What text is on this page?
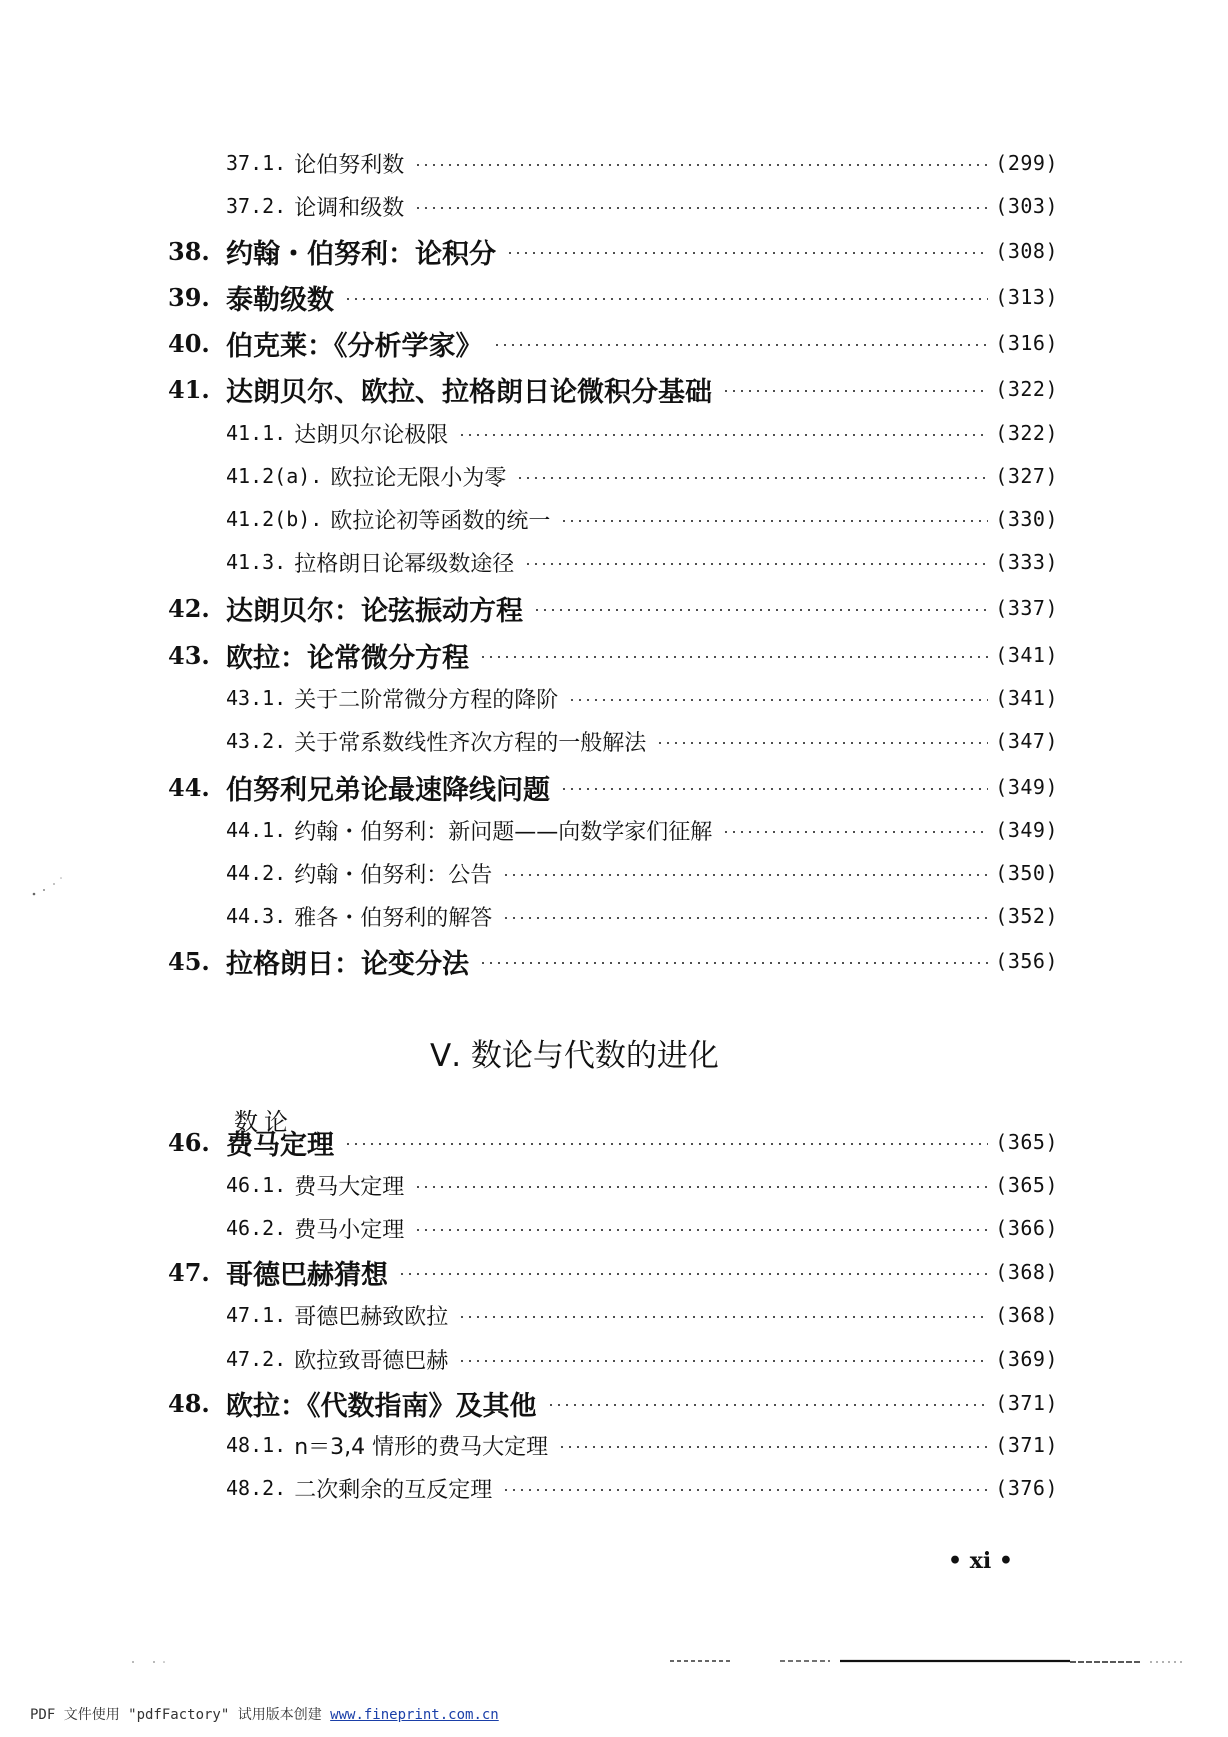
37.1. 论伯努利数	(299)
37.2. 论调和级数	(303)
38. 约翰・伯努利：论积分	(308)
39. 泰勒级数	(313)
40. 伯克莱：《分析学家》	(316)
41. 达朗贝尔、欧拉、拉格朗日论微积分基础	(322)
41.1. 达朗贝尔论极限	(322)
41.2(a). 欧拉论无限小为零	(327)
41.2(b). 欧拉论初等函数的统一	(330)
41.3. 拉格朗日论幂级数途径	(333)
42. 达朗贝尔：论弦振动方程	(337)
43. 欧拉：论常微分方程	(341)
43.1. 关于二阶常微分方程的降阶	(341)
43.2. 关于常系数线性齐次方程的一般解法	(347)
44. 伯努利兄弟论最速降线问题	(349)
44.1. 约翰・伯努利：新问题——向数学家们征解	(349)
44.2. 约翰・伯努利：公告	(350)
44.3. 雅各・伯努利的解答	(352)
45. 拉格朗日：论变分法	(356)
46. 费马定理	(365)
46.1. 费马大定理	(365)
46.2. 费马小定理	(366)
47. 哥德巴赫猜想	(368)
47.1. 哥德巴赫致欧拉	(368)
47.2. 欧拉致哥德巴赫	(369)
48. 欧拉：《代数指南》及其他	(371)
48.1. n＝3,4 情形的费马大定理	(371)
48.2. 二次剩余的互反定理	(376)
Ⅴ. 数论与代数的进化
数论
• xi •
PDF 文件使用 "pdfFactory" 试用版本创建 www.fineprint.com.cn
